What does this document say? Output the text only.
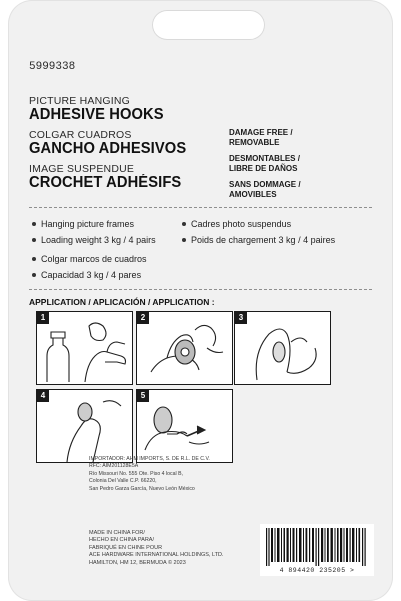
5999338
PICTURE HANGING
ADHESIVE HOOKS
COLGAR CUADROS
GANCHO ADHESIVOS
IMAGE SUSPENDUE
CROCHET ADHÉSIFS
DAMAGE FREE /
REMOVABLE
DESMONTABLES /
LIBRE DE DAÑOS
SANS DOMMAGE /
AMOVIBLES
Hanging picture frames
Loading weight 3 kg / 4 pairs
Cadres photo suspendus
Poids de chargement 3 kg / 4 paires
Colgar marcos de cuadros
Capacidad 3 kg / 4 pares
APPLICATION / APLICACIÓN / APPLICATION :
1	2	3
4	5
IMPORTADOR: AHM IMPORTS, S. DE R.L. DE C.V.
RFC: AIM201128E5A
Río Missouri No. 555 Ote. Piso 4 local B,
Colonia Del Valle C.P. 66220,
San Pedro Garza García, Nuevo León México
MADE IN CHINA FOR/
HECHO EN CHINA PARA/
FABRIQUÉ EN CHINE POUR
ACE HARDWARE INTERNATIONAL HOLDINGS, LTD.
HAMILTON, HM 12, BERMUDA © 2023
4 894420 235205 >
